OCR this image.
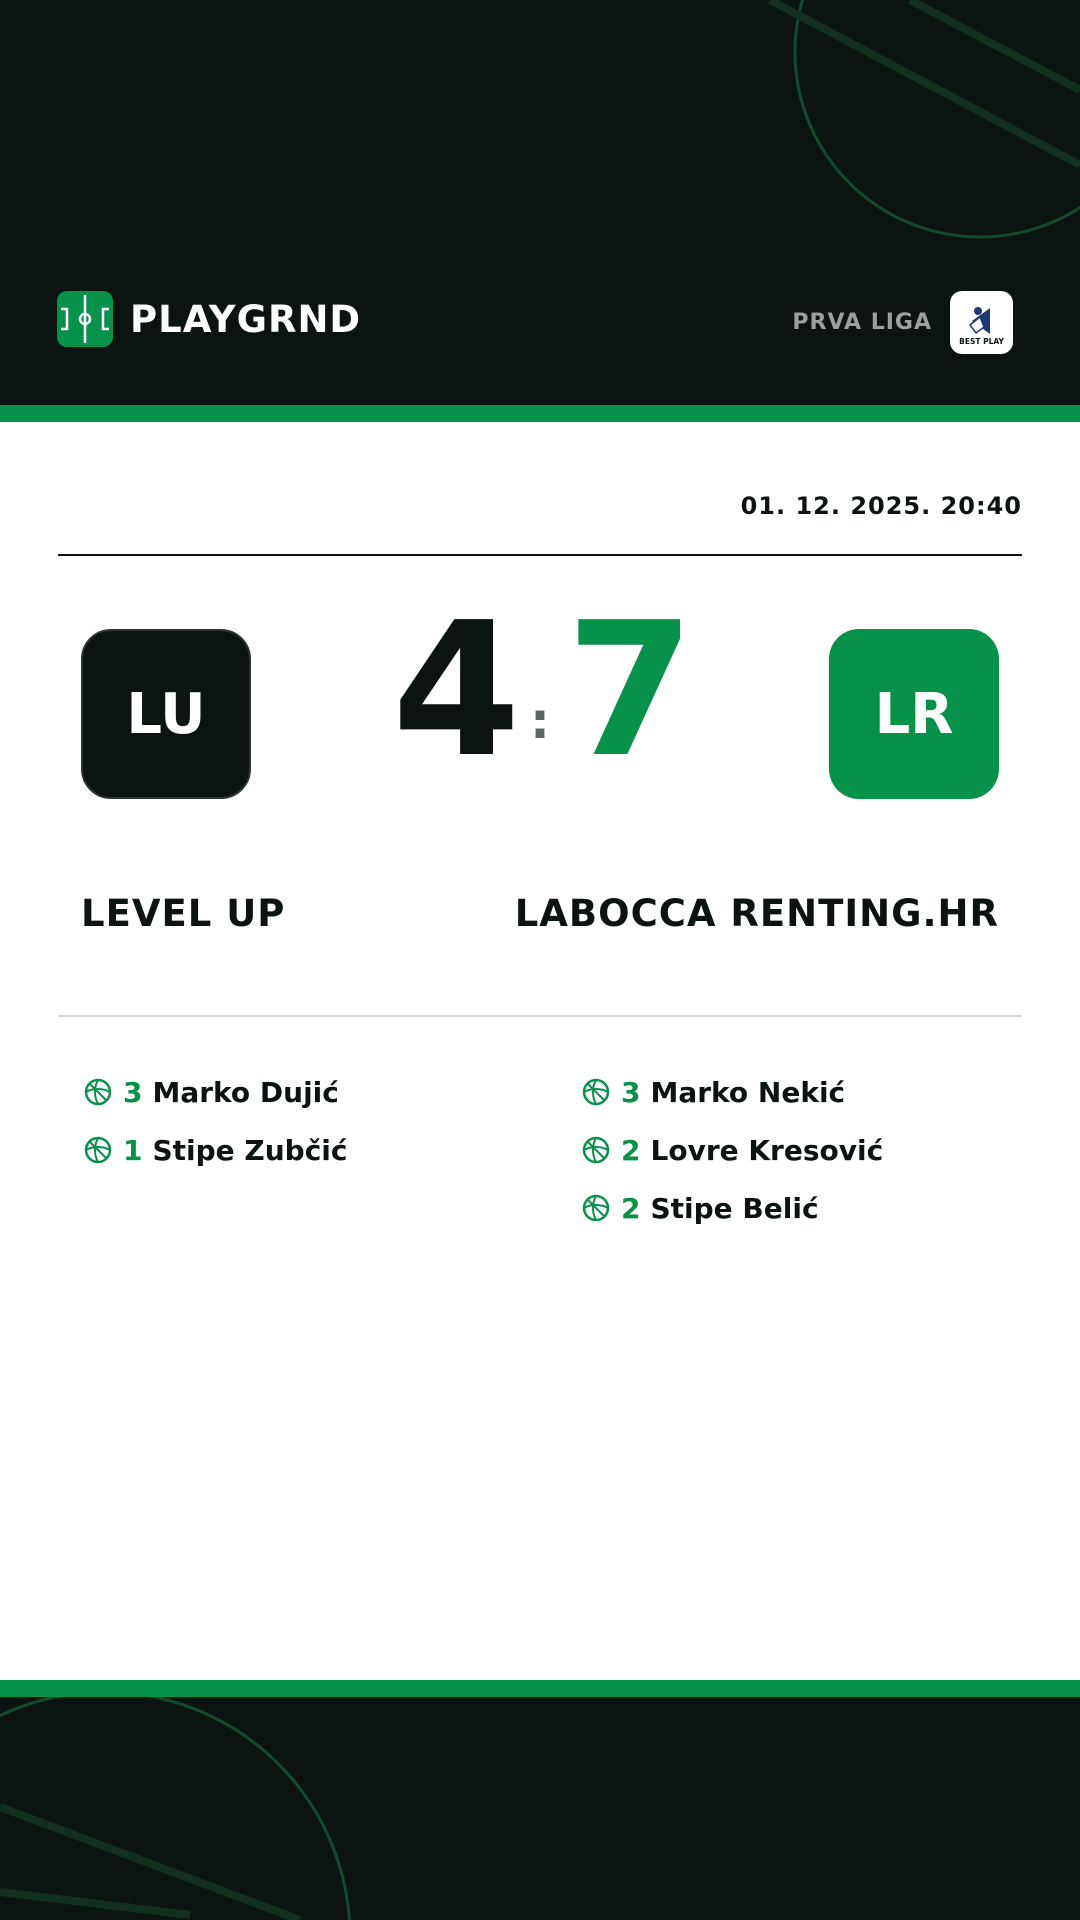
PLAYGRND	PRVA LIGA
BEST PLAY
01. 12. 2025. 20:40
LU 4 : 7	LR
LEVEL UP	LABOCCA RENTING.HR
3 Marko Dujić
1 Stipe Zubčić
3 Marko Nekić
2 Lovre Kresović
2 Stipe Belić
